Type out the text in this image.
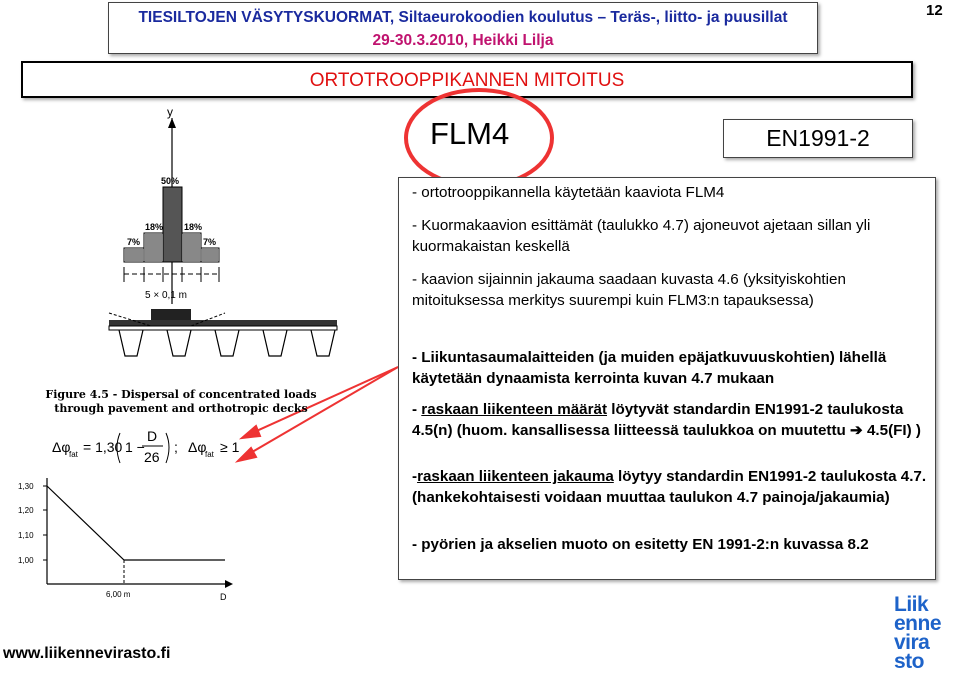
TIESILTOJEN VÄSYTYSKUORMAT, Siltaeurokoodien koulutus – Teräs-, liitto- ja puusillat
29-30.3.2010, Heikki Lilja
12
ORTOTROOPPIKANNEN MITOITUS
FLM4	EN1991-2
y
50%
18% 18%
7%	7%
5 × 0,1 m
Figure 4.5 - Dispersal of concentrated loads through pavement and orthotropic decks
Δφ
fat = 1,30 1 −
D
26
; Δφ
fat ≥ 1
1,30
1,20
1,10
1,00
6,00 m	D
- ortotrooppikannella käytetään kaaviota FLM4
- Kuormakaavion esittämät (taulukko 4.7) ajoneuvot ajetaan sillan yli kuormakaistan keskellä
- kaavion sijainnin jakauma saadaan kuvasta 4.6 (yksityiskohtien mitoituksessa merkitys suurempi kuin FLM3:n tapauksessa)
- Liikuntasaumalaitteiden (ja muiden epäjatkuvuuskohtien) lähellä käytetään dynaamista kerrointa kuvan 4.7 mukaan
- raskaan liikenteen määrät löytyvät standardin EN1991-2 taulukosta 4.5(n) (huom. kansallisessa liitteessä taulukkoa on muutettu ➔ 4.5(FI) )
-raskaan liikenteen jakauma löytyy standardin EN1991-2 taulukosta 4.7. (hankekohtaisesti voidaan muuttaa taulukon 4.7 painoja/jakaumia)
- pyörien ja akselien muoto on esitetty EN 1991-2:n kuvassa 8.2
www.liikennevirasto.fi
Liik
enne
vira
sto
